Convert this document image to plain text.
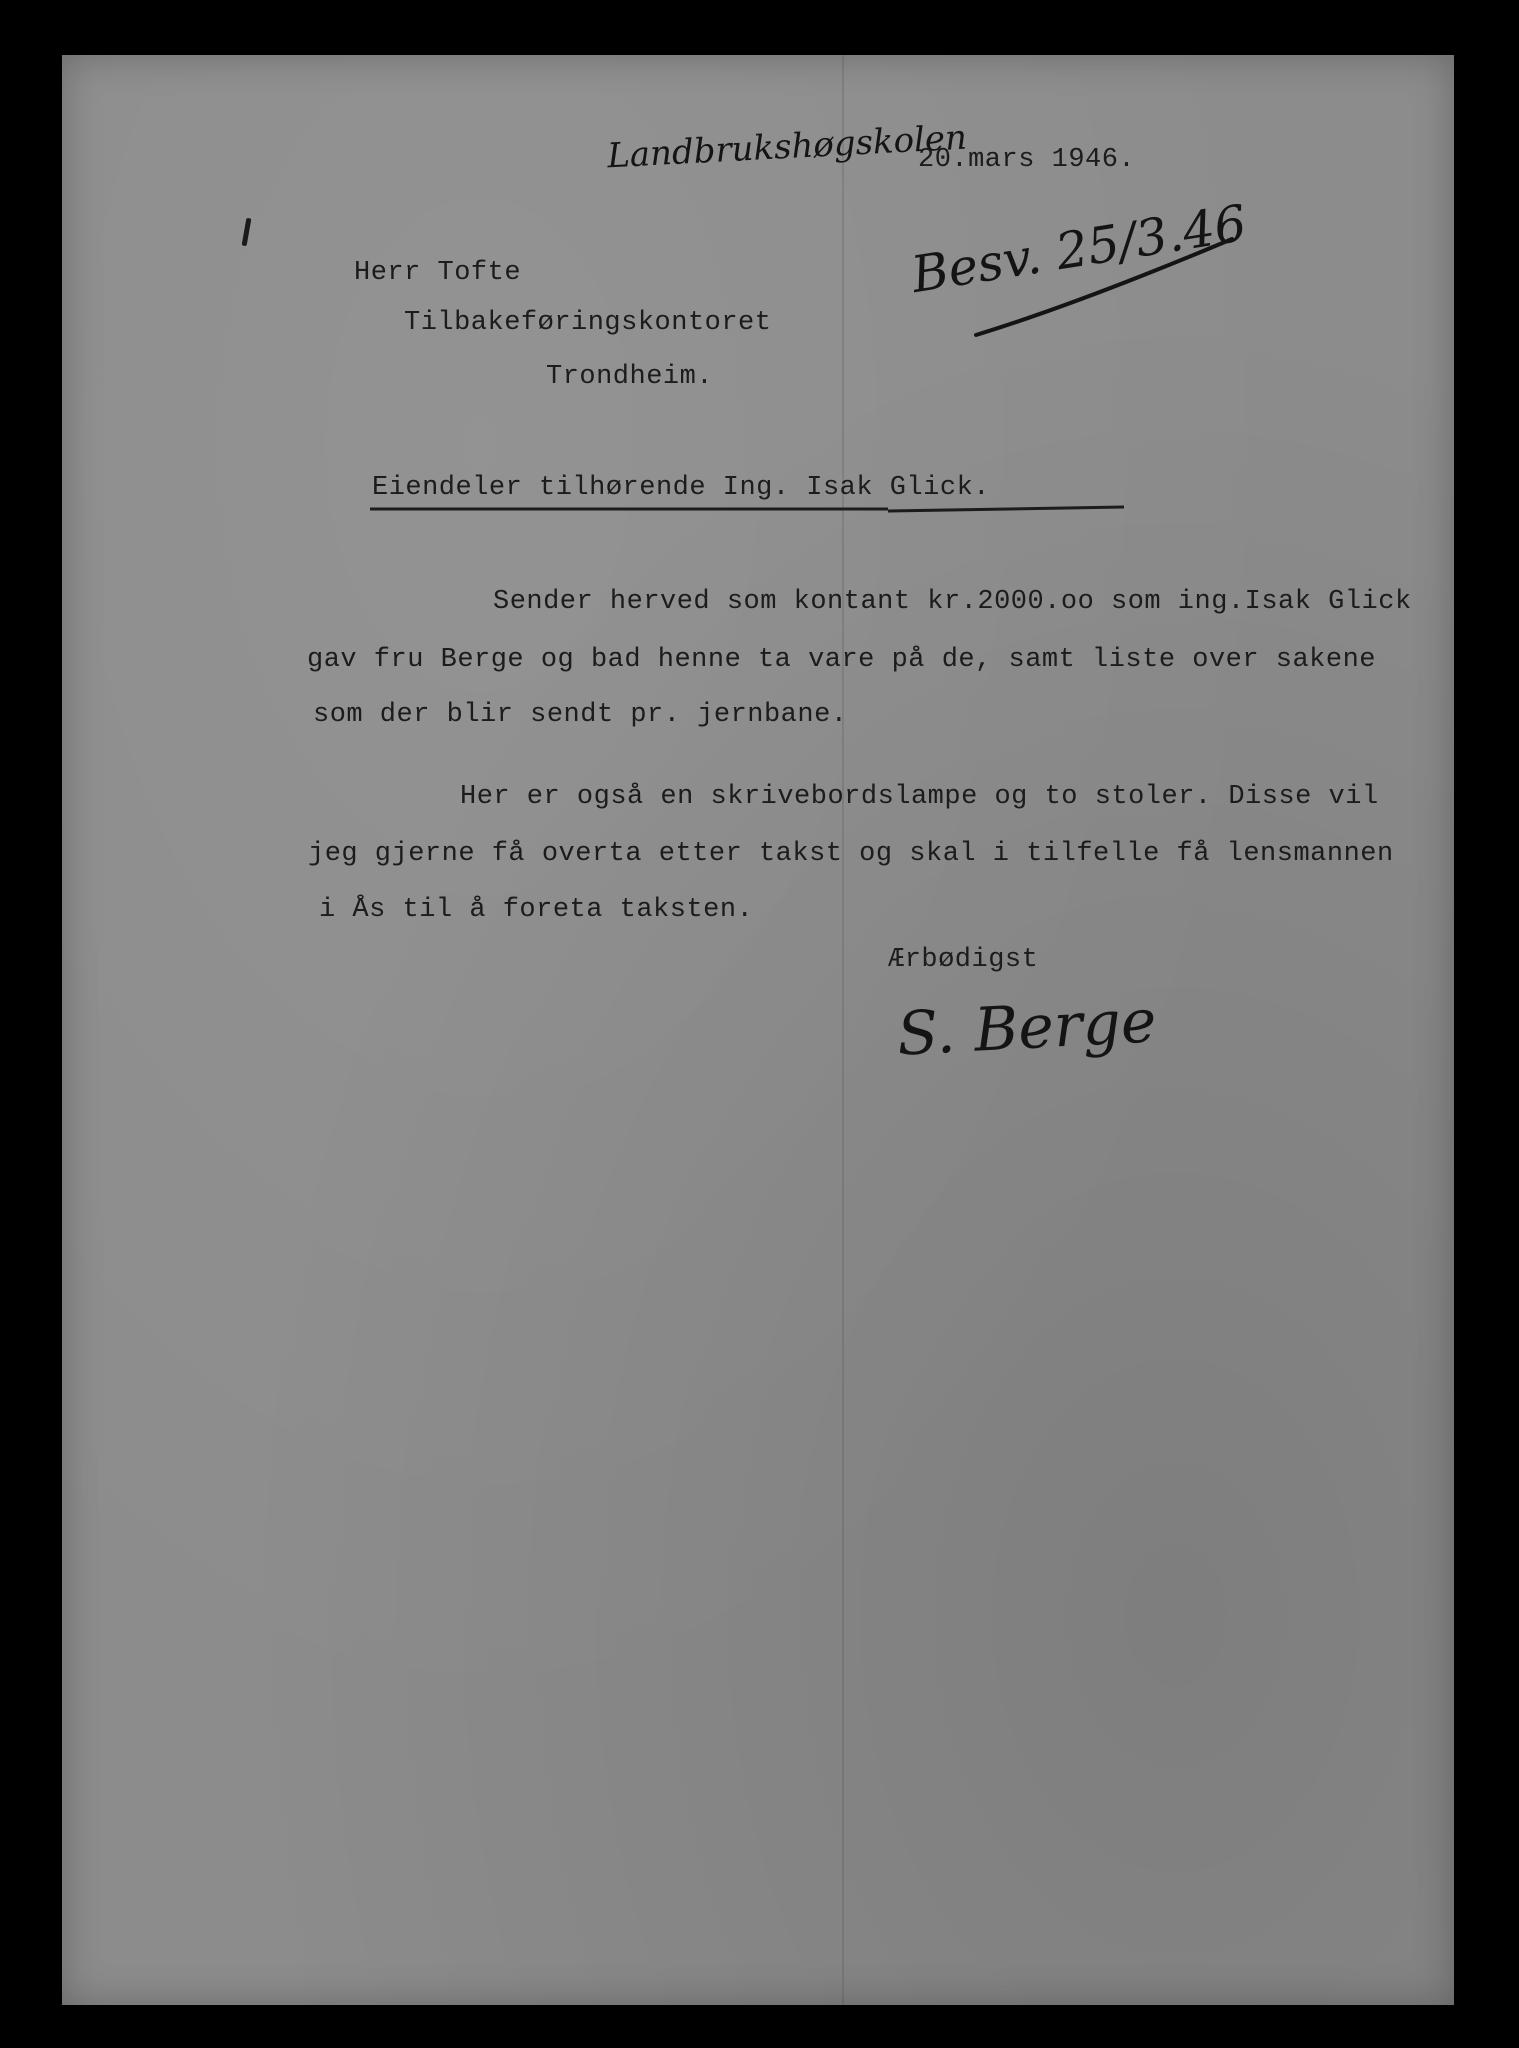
Landbrukshøgskolen
20.mars 1946.
Besv. 25/3.46
Herr Tofte
Tilbakeføringskontoret
Trondheim.
Eiendeler tilhørende Ing. Isak Glick.
Sender herved som kontant kr.2000.oo som ing.Isak Glick
gav fru Berge og bad henne ta vare på de, samt liste over sakene
som der blir sendt pr. jernbane.
Her er også en skrivebordslampe og to stoler. Disse vil
jeg gjerne få overta etter takst og skal i tilfelle få lensmannen
i Ås til å foreta taksten.
Ærbødigst
S. Berge
